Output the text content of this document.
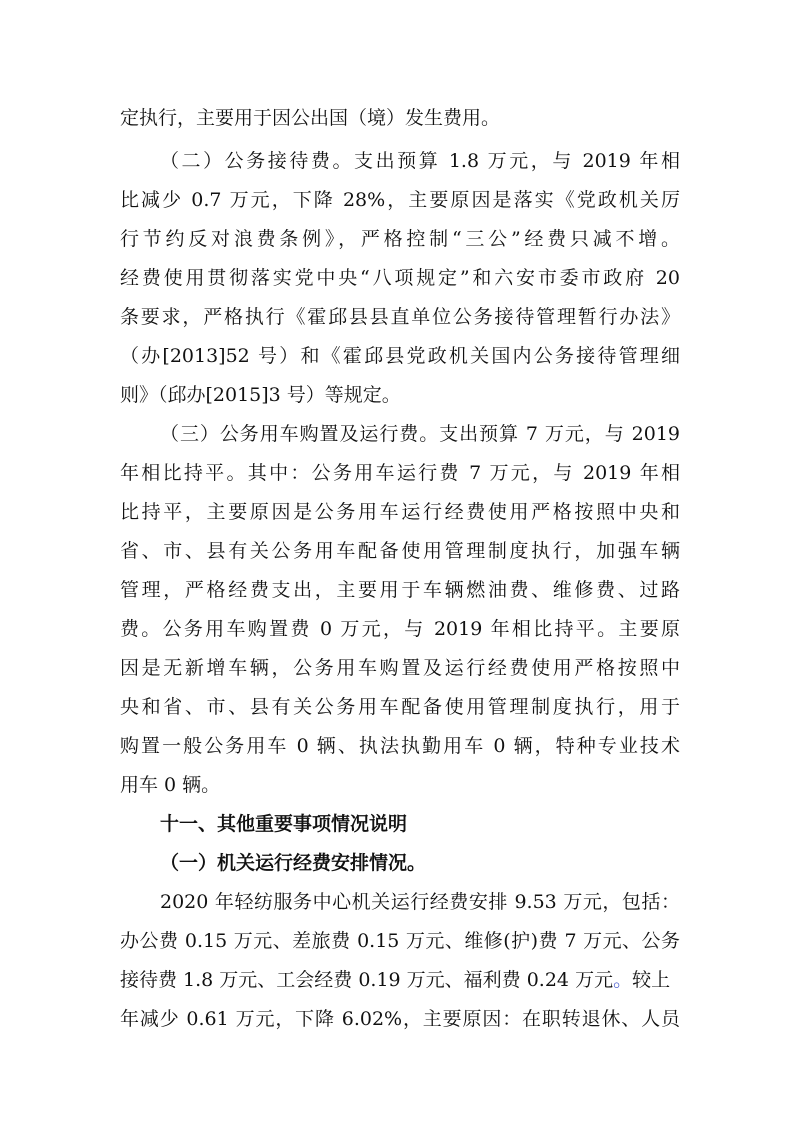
定执行，主要用于因公出国（境）发生费用。
（二）公务接待费。支出预算 1.8 万元，与 2019 年相
比减少 0.7 万元，下降 28%，主要原因是落实《党政机关厉
行节约反对浪费条例》，严格控制“三公”经费只减不增。
经费使用贯彻落实党中央“八项规定”和六安市委市政府 20
条要求，严格执行《霍邱县县直单位公务接待管理暂行办法》
（办[2013]52 号）和《霍邱县党政机关国内公务接待管理细
则》（邱办[2015]3 号）等规定。
（三）公务用车购置及运行费。支出预算 7 万元，与 2019
年相比持平。其中：公务用车运行费 7 万元，与 2019 年相
比持平，主要原因是公务用车运行经费使用严格按照中央和
省、市、县有关公务用车配备使用管理制度执行，加强车辆
管理，严格经费支出，主要用于车辆燃油费、维修费、过路
费。公务用车购置费 0 万元，与 2019 年相比持平。主要原
因是无新增车辆，公务用车购置及运行经费使用严格按照中
央和省、市、县有关公务用车配备使用管理制度执行，用于
购置一般公务用车 0 辆、执法执勤用车 0 辆，特种专业技术
用车 0 辆。
十一、其他重要事项情况说明
（一）机关运行经费安排情况。
2020 年轻纺服务中心机关运行经费安排 9.53 万元，包括：
办公费 0.15 万元、差旅费 0.15 万元、维修(护)费 7 万元、公务
接待费 1.8 万元、工会经费 0.19 万元、福利费 0.24 万元。较上
年减少 0.61 万元，下降 6.02%，主要原因：在职转退休、人员
